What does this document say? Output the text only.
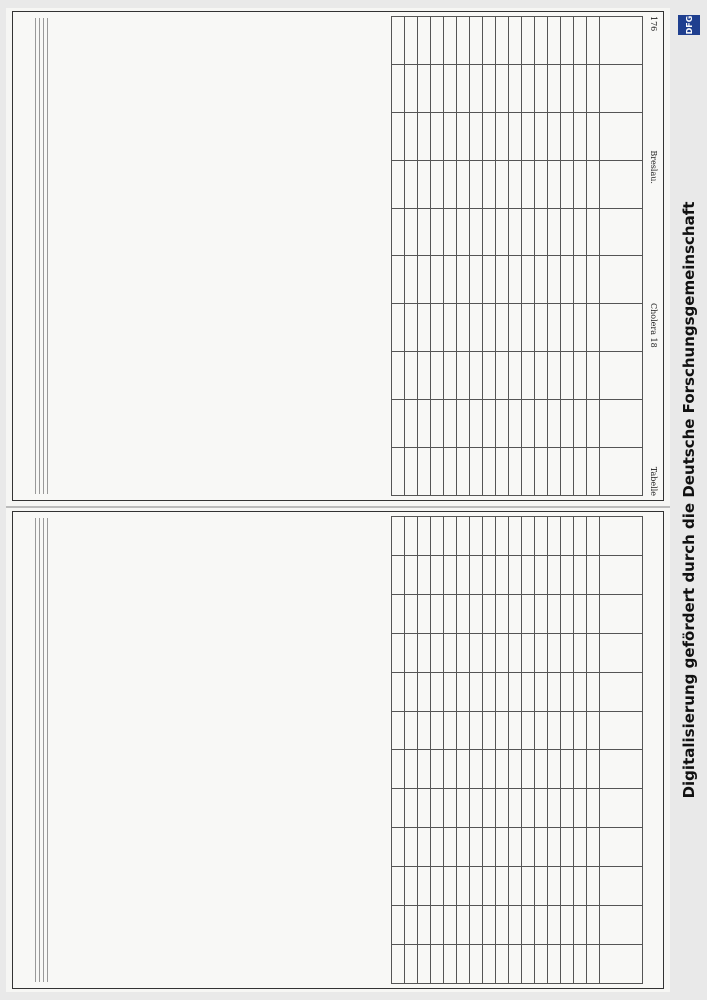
176
Breslau.
Cholera 18
Tabelle

DFG
Digitalisierung gefördert durch die Deutsche Forschungsgemeinschaft
